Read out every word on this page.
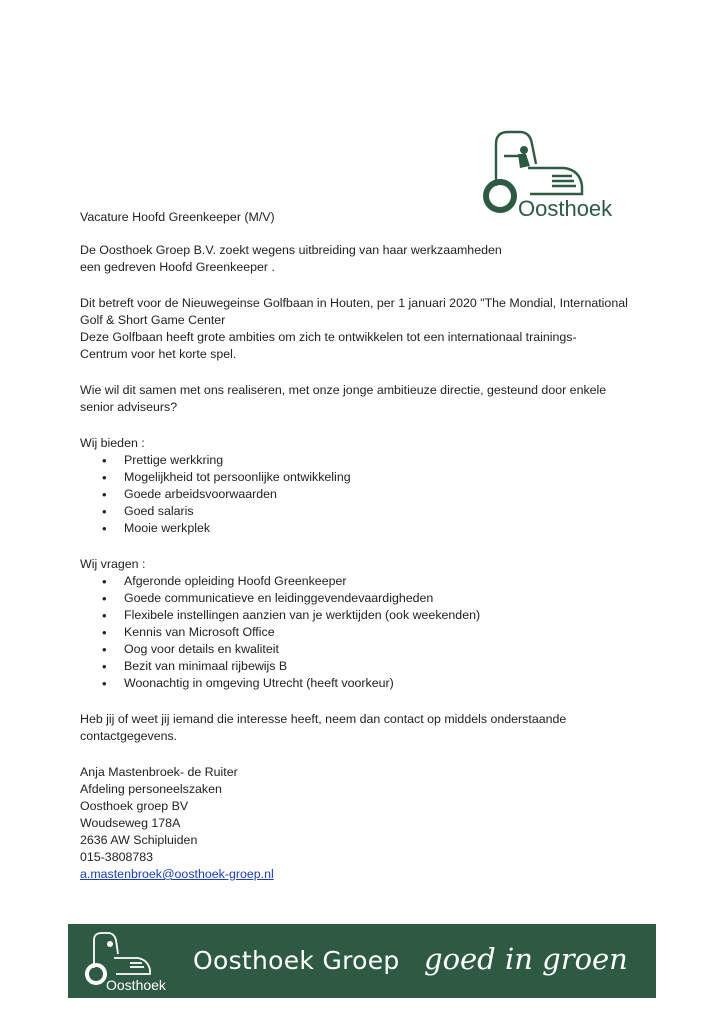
Oosthoek

Vacature Hoofd Greenkeeper (M/V)

De Oosthoek Groep B.V. zoekt wegens uitbreiding van haar werkzaamheden

een gedreven Hoofd Greenkeeper .

Dit betreft voor de Nieuwegeinse Golfbaan in Houten, per 1 januari 2020 "The Mondial, International

Golf & Short Game Center

Deze Golfbaan heeft grote ambities om zich te ontwikkelen tot een internationaal trainings-

Centrum voor het korte spel.

Wie wil dit samen met ons realiseren, met onze jonge ambitieuze directie, gesteund door enkele

senior adviseurs?

Wij bieden :

• Prettige werkkring
• Mogelijkheid tot persoonlijke ontwikkeling
• Goede arbeidsvoorwaarden
• Goed salaris
• Mooie werkplek

Wij vragen :

• Afgeronde opleiding Hoofd Greenkeeper
• Goede communicatieve en leidinggevendevaardigheden
• Flexibele instellingen aanzien van je werktijden (ook weekenden)
• Kennis van Microsoft Office
• Oog voor details en kwaliteit
• Bezit van minimaal rijbewijs B
• Woonachtig in omgeving Utrecht (heeft voorkeur)

Heb jij of weet jij iemand die interesse heeft, neem dan contact op middels onderstaande

contactgegevens.

Anja Mastenbroek- de Ruiter

Afdeling personeelszaken

Oosthoek groep BV

Woudseweg 178A

2636 AW Schipluiden

015-3808783

a.mastenbroek@oosthoek-groep.nl

Oosthoek
Oosthoek Groep goed in groen
